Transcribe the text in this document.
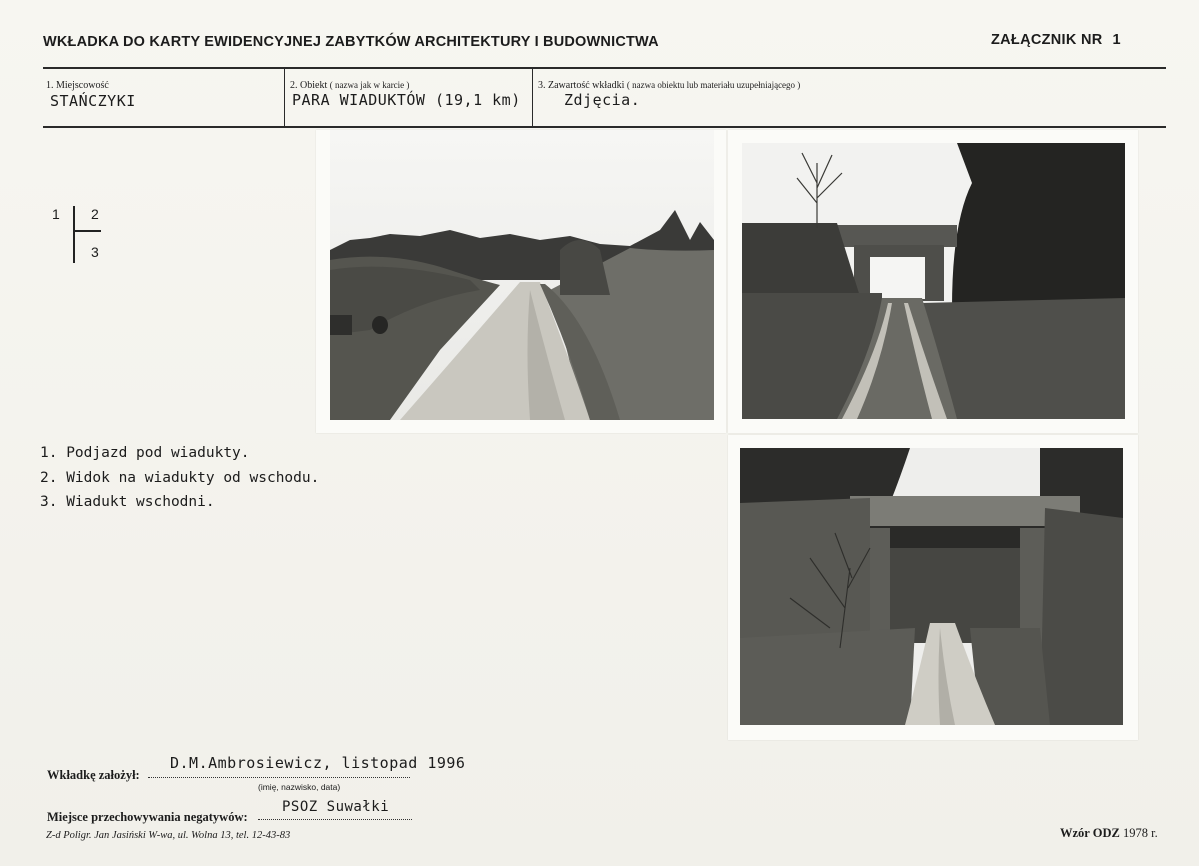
WKŁADKA DO KARTY EWIDENCYJNEJ ZABYTKÓW ARCHITEKTURY I BUDOWNICTWA	ZAŁĄCZNIK NR 1
1. Miejscowość
STAŃCZYKI
2. Obiekt ( nazwa jak w karcie )
PARA WIADUKTÓW (19,1 km)
3. Zawartość wkładki ( nazwa obiektu lub materiału uzupełniającego )
Zdjęcia.
1 2
3
1. Podjazd pod wiadukty.
2. Widok na wiadukty od wschodu.
3. Wiadukt wschodni.
Wkładkę założył:
D.M.Ambrosiewicz, listopad 1996
(imię, nazwisko, data)
Miejsce przechowywania negatywów:
PSOZ Suwałki
Z-d Poligr. Jan Jasiński W-wa, ul. Wolna 13, tel. 12-43-83	Wzór ODZ 1978 r.
